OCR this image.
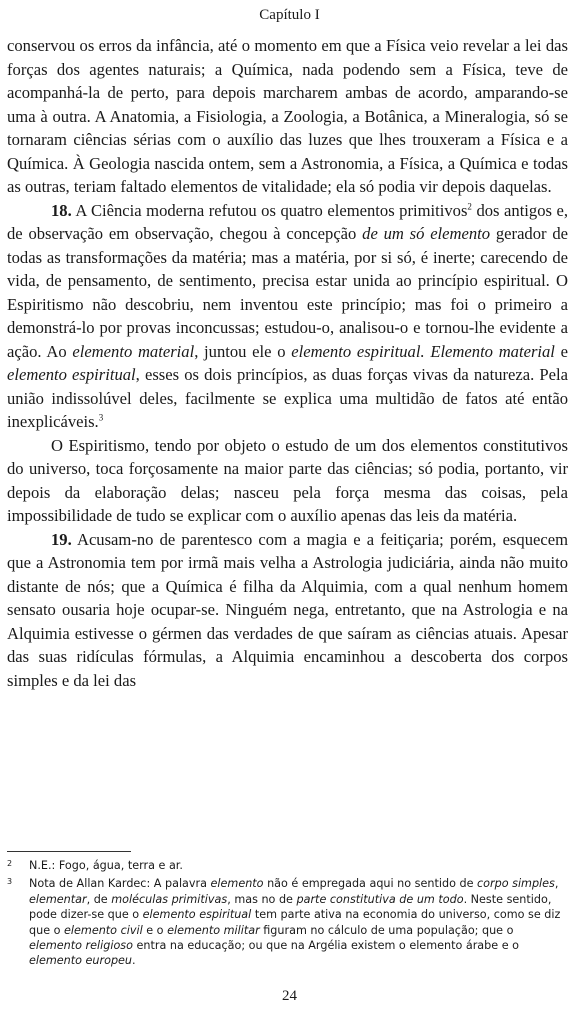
Capítulo I

conservou os erros da infância, até o momento em que a Física veio revelar a lei das forças dos agentes naturais; a Química, nada podendo sem a Física, teve de acompanhá-la de perto, para depois marcharem ambas de acordo, amparando-se uma à outra. A Anatomia, a Fisiologia, a Zoologia, a Botânica, a Mineralogia, só se tornaram ciências sérias com o auxílio das luzes que lhes trouxeram a Física e a Química. À Geologia nascida ontem, sem a Astronomia, a Física, a Química e todas as outras, teriam faltado elementos de vitalidade; ela só podia vir depois daquelas.

18. A Ciência moderna refutou os quatro elementos primitivos$^2$ dos antigos e, de observação em observação, chegou à concepção de um só elemento gerador de todas as transformações da matéria; mas a matéria, por si só, é inerte; carecendo de vida, de pensamento, de sentimento, precisa estar unida ao princípio espiritual. O Espiritismo não descobriu, nem inventou este princípio; mas foi o primeiro a demonstrá-lo por provas inconcussas; estudou-o, analisou-o e tornou-lhe evidente a ação. Ao elemento material, juntou ele o elemento espiritual. Elemento material e elemento espiritual, esses os dois princípios, as duas forças vivas da natureza. Pela união indissolúvel deles, facilmente se explica uma multidão de fatos até então inexplicáveis.$^3$

O Espiritismo, tendo por objeto o estudo de um dos elementos constitutivos do universo, toca forçosamente na maior parte das ciências; só podia, portanto, vir depois da elaboração delas; nasceu pela força mesma das coisas, pela impossibilidade de tudo se explicar com o auxílio apenas das leis da matéria.

19. Acusam-no de parentesco com a magia e a feitiçaria; porém, esquecem que a Astronomia tem por irmã mais velha a Astrologia judiciária, ainda não muito distante de nós; que a Química é filha da Alquimia, com a qual nenhum homem sensato ousaria hoje ocupar-se. Ninguém nega, entretanto, que na Astrologia e na Alquimia estivesse o gérmen das verdades de que saíram as ciências atuais. Apesar das suas ridículas fórmulas, a Alquimia encaminhou a descoberta dos corpos simples e da lei das

2 N.E.: Fogo, água, terra e ar.

3 Nota de Allan Kardec: A palavra elemento não é empregada aqui no sentido de corpo simples, elementar, de moléculas primitivas, mas no de parte constitutiva de um todo. Neste sentido, pode dizer-se que o elemento espiritual tem parte ativa na economia do universo, como se diz que o elemento civil e o elemento militar figuram no cálculo de uma população; que o elemento religioso entra na educação; ou que na Argélia existem o elemento árabe e o elemento europeu.

24
